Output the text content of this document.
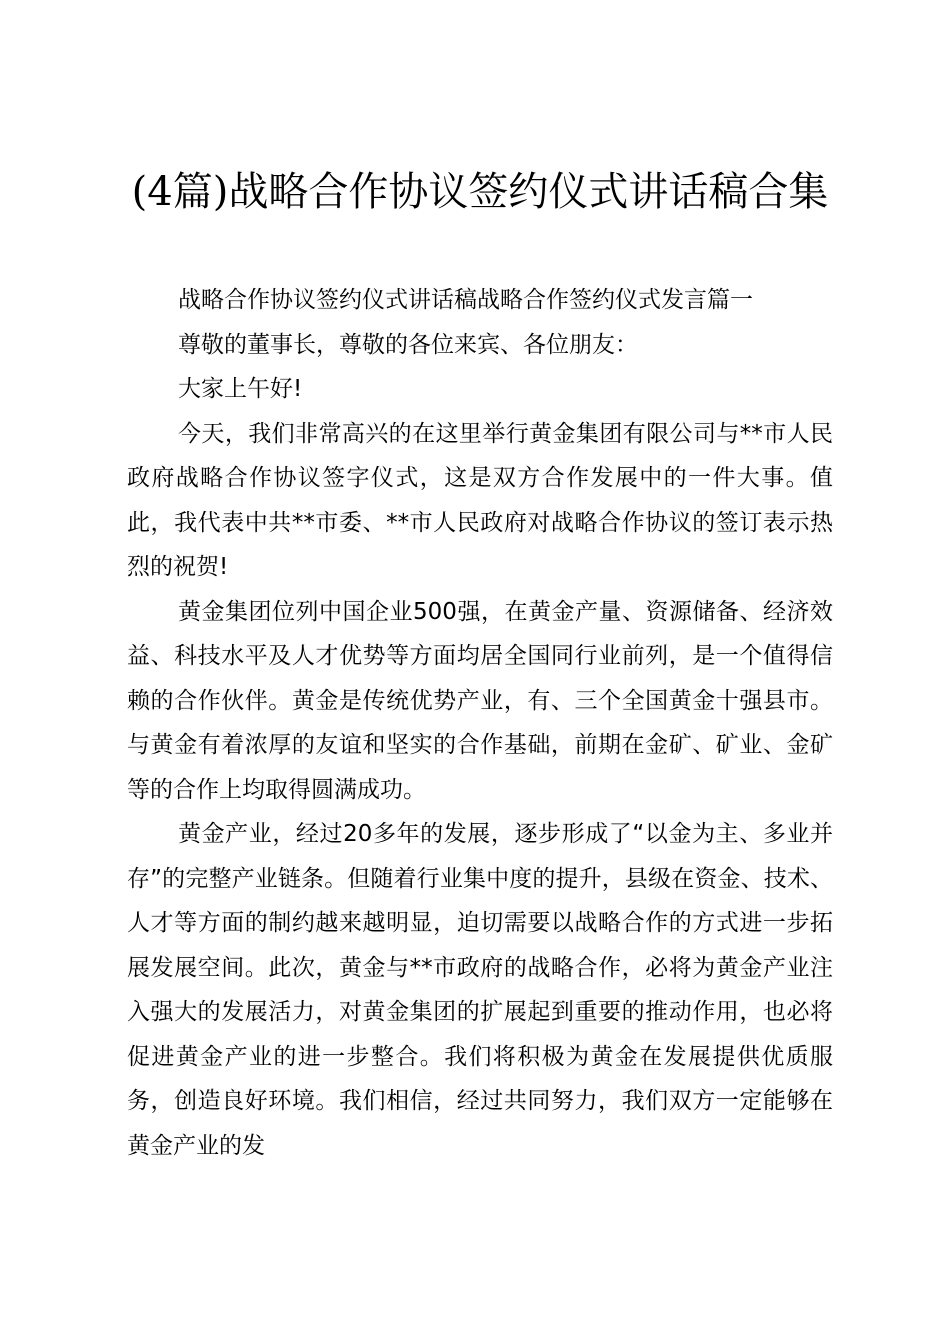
(4篇)战略合作协议签约仪式讲话稿合集

战略合作协议签约仪式讲话稿战略合作签约仪式发言篇一

尊敬的董事长，尊敬的各位来宾、各位朋友：

大家上午好!

今天，我们非常高兴的在这里举行黄金集团有限公司与**市人民政府战略合作协议签字仪式，这是双方合作发展中的一件大事。值此，我代表中共**市委、**市人民政府对战略合作协议的签订表示热烈的祝贺!

黄金集团位列中国企业500强，在黄金产量、资源储备、经济效益、科技水平及人才优势等方面均居全国同行业前列，是一个值得信赖的合作伙伴。黄金是传统优势产业，有、三个全国黄金十强县市。与黄金有着浓厚的友谊和坚实的合作基础，前期在金矿、矿业、金矿等的合作上均取得圆满成功。

黄金产业，经过20多年的发展，逐步形成了“以金为主、多业并存”的完整产业链条。但随着行业集中度的提升，县级在资金、技术、人才等方面的制约越来越明显，迫切需要以战略合作的方式进一步拓展发展空间。此次，黄金与**市政府的战略合作，必将为黄金产业注入强大的发展活力，对黄金集团的扩展起到重要的推动作用，也必将促进黄金产业的进一步整合。我们将积极为黄金在发展提供优质服务，创造良好环境。我们相信，经过共同努力，我们双方一定能够在黄金产业的发
